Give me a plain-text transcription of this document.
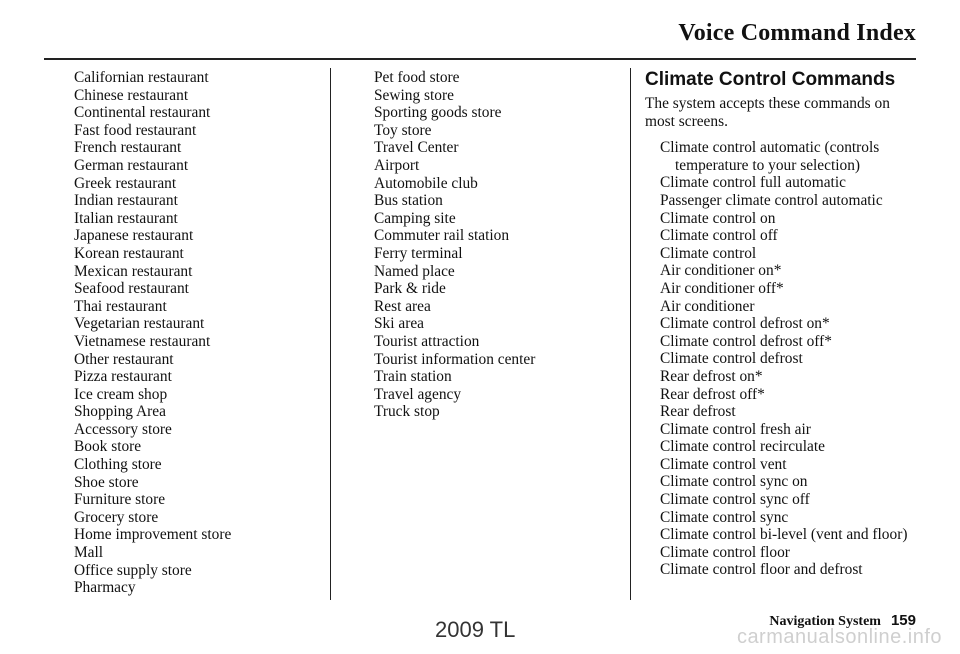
Voice Command Index
Californian restaurant
Chinese restaurant
Continental restaurant
Fast food restaurant
French restaurant
German restaurant
Greek restaurant
Indian restaurant
Italian restaurant
Japanese restaurant
Korean restaurant
Mexican restaurant
Seafood restaurant
Thai restaurant
Vegetarian restaurant
Vietnamese restaurant
Other restaurant
Pizza restaurant
Ice cream shop
Shopping Area
Accessory store
Book store
Clothing store
Shoe store
Furniture store
Grocery store
Home improvement store
Mall
Office supply store
Pharmacy
Pet food store
Sewing store
Sporting goods store
Toy store
Travel Center
Airport
Automobile club
Bus station
Camping site
Commuter rail station
Ferry terminal
Named place
Park & ride
Rest area
Ski area
Tourist attraction
Tourist information center
Train station
Travel agency
Truck stop
Climate Control Commands
The system accepts these commands on most screens.
Climate control automatic (controls temperature to your selection)
Climate control full automatic
Passenger climate control automatic
Climate control on
Climate control off
Climate control
Air conditioner on*
Air conditioner off*
Air conditioner
Climate control defrost on*
Climate control defrost off*
Climate control defrost
Rear defrost on*
Rear defrost off*
Rear defrost
Climate control fresh air
Climate control recirculate
Climate control vent
Climate control sync on
Climate control sync off
Climate control sync
Climate control bi-level (vent and floor)
Climate control floor
Climate control floor and defrost
Navigation System 159
2009 TL	carmanualsonline.info
